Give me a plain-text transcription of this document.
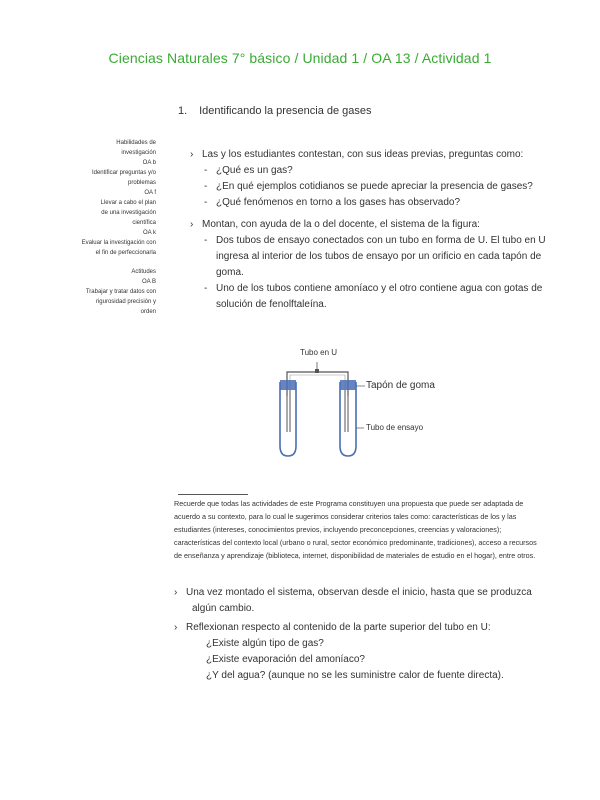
Ciencias Naturales 7° básico / Unidad 1 / OA 13 / Actividad 1
1. Identificando la presencia de gases
Habilidades de
investigación
OA b
Identificar preguntas y/o
problemas
OA f
Llevar a cabo el plan
de una investigación
científica
OA k
Evaluar la investigación con
el fin de perfeccionarla
Actitudes
OA B
Trabajar y tratar datos con
rigurosidad precisión y
orden
› Las y los estudiantes contestan, con sus ideas previas, preguntas como:
- ¿Qué es un gas?
- ¿En qué ejemplos cotidianos se puede apreciar la presencia de gases?
- ¿Qué fenómenos en torno a los gases has observado?
› Montan, con ayuda de la o del docente, el sistema de la figura:
- Dos tubos de ensayo conectados con un tubo en forma de U. El tubo en U ingresa al interior de los tubos de ensayo por un orificio en cada tapón de goma.
- Uno de los tubos contiene amoníaco y el otro contiene agua con gotas de solución de fenolftaleína.
Tubo en U
Tapón de goma
Tubo de ensayo
Recuerde que todas las actividades de este Programa constituyen una propuesta que puede ser adaptada de acuerdo a su contexto, para lo cual le sugerimos considerar criterios tales como: características de los y las estudiantes (intereses, conocimientos previos, incluyendo preconcepciones, creencias y valoraciones); características del contexto local (urbano o rural, sector económico predominante, tradiciones), acceso a recursos de enseñanza y aprendizaje (biblioteca, internet, disponibilidad de materiales de estudio en el hogar), entre otros.
› Una vez montado el sistema, observan desde el inicio, hasta que se produzca
algún cambio.
› Reflexionan respecto al contenido de la parte superior del tubo en U:
¿Existe algún tipo de gas?
¿Existe evaporación del amoníaco?
¿Y del agua? (aunque no se les suministre calor de fuente directa).
